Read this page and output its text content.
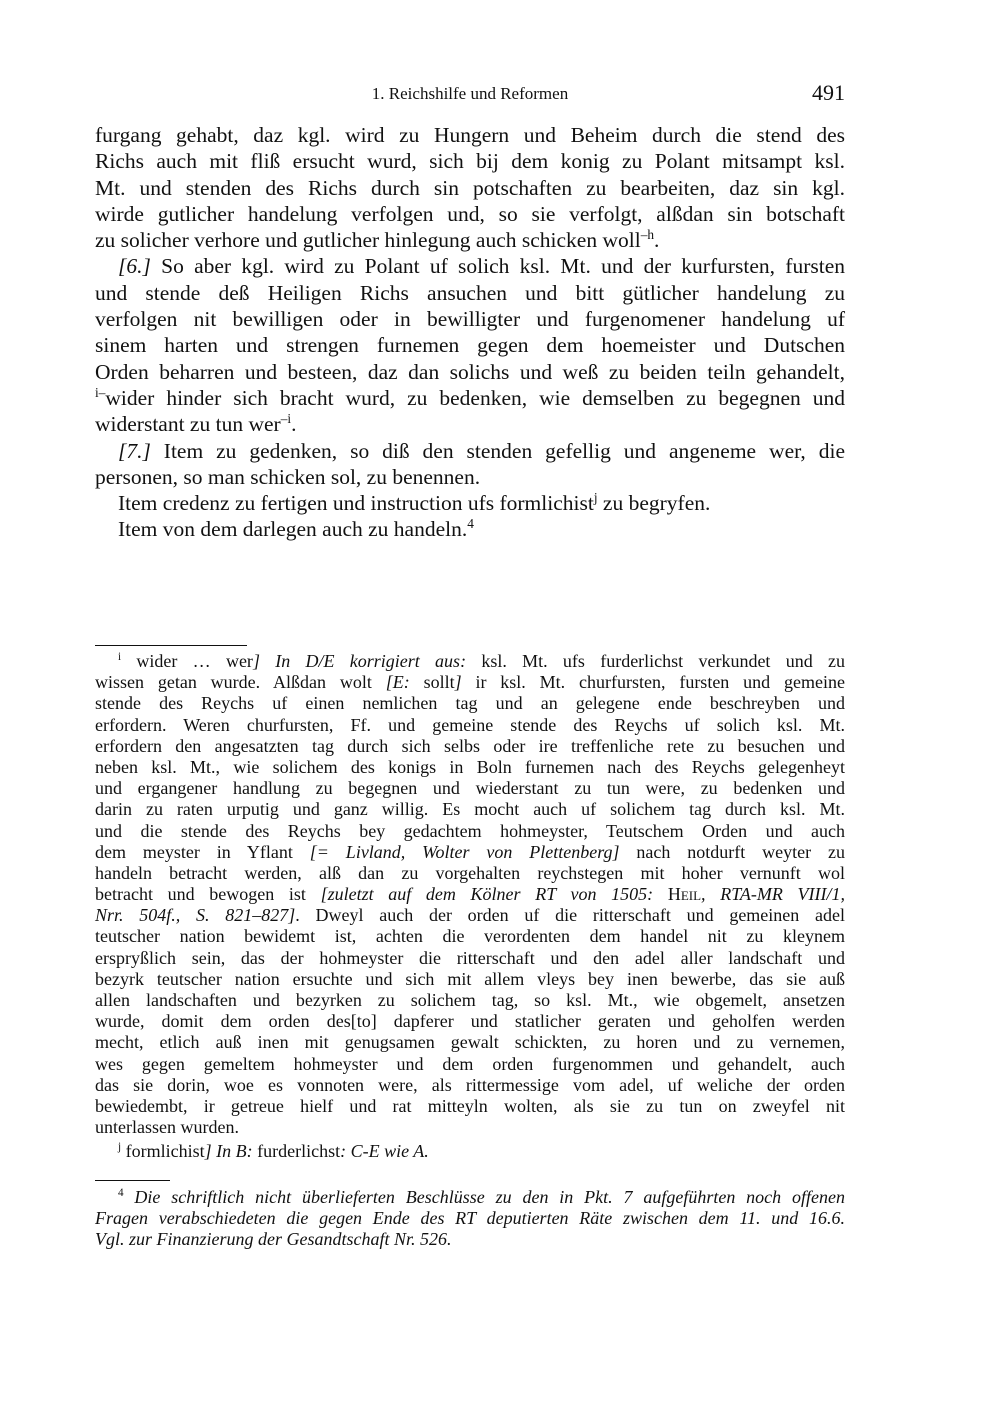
1. Reichshilfe und Reformen	491
furgang gehabt, daz kgl. wird zu Hungern und Beheim durch die stend des
Richs auch mit fliß ersucht wurd, sich bij dem konig zu Polant mitsampt ksl.
Mt. und stenden des Richs durch sin potschaften zu bearbeiten, daz sin kgl.
wirde gutlicher handelung verfolgen und, so sie verfolgt, alßdan sin botschaft
zu solicher verhore und gutlicher hinlegung auch schicken woll$^{-h}$.
[6.] So aber kgl. wird zu Polant uf solich ksl. Mt. und der kurfursten, fursten
und stende deß Heiligen Richs ansuchen und bitt gütlicher handelung zu
verfolgen nit bewilligen oder in bewilligter und furgenomener handelung uf
sinem harten und strengen furnemen gegen dem hoemeister und Dutschen
Orden beharren und besteen, daz dan solichs und weß zu beiden teiln gehandelt,
$^{i-}$wider hinder sich bracht wurd, zu bedenken, wie demselben zu begegnen und
widerstant zu tun wer$^{-i}$.
[7.] Item zu gedenken, so diß den stenden gefellig und angeneme wer, die
personen, so man schicken sol, zu benennen.
Item credenz zu fertigen und instruction ufs formlichist$^j$ zu begryfen.
Item von dem darlegen auch zu handeln.$^4$
$^i$ wider … wer] In D/E korrigiert aus: ksl. Mt. ufs furderlichst verkundet und zu
wissen getan wurde. Alßdan wolt [E: sollt] ir ksl. Mt. churfursten, fursten und gemeine
stende des Reychs uf einen nemlichen tag und an gelegene ende beschreyben und
erfordern. Weren churfursten, Ff. und gemeine stende des Reychs uf solich ksl. Mt.
erfordern den angesatzten tag durch sich selbs oder ire treffenliche rete zu besuchen und
neben ksl. Mt., wie solichem des konigs in Boln furnemen nach des Reychs gelegenheyt
und ergangener handlung zu begegnen und wiederstant zu tun were, zu bedenken und
darin zu raten urputig und ganz willig. Es mocht auch uf solichem tag durch ksl. Mt.
und die stende des Reychs bey gedachtem hohmeyster, Teutschem Orden und auch
dem meyster in Yflant [= Livland, Wolter von Plettenberg] nach notdurft weyter zu
handeln betracht werden, alß dan zu vorgehalten reychstegen mit hoher vernunft wol
betracht und bewogen ist [zuletzt auf dem Kölner RT von 1505: Heil, RTA-MR VIII/1,
Nrr. 504f., S. 821–827]. Dweyl auch der orden uf die ritterschaft und gemeinen adel
teutscher nation bewidemt ist, achten die verordenten dem handel nit zu kleynem
erspryßlich sein, das der hohmeyster die ritterschaft und den adel aller landschaft und
bezyrk teutscher nation ersuchte und sich mit allem vleys bey inen bewerbe, das sie auß
allen landschaften und bezyrken zu solichem tag, so ksl. Mt., wie obgemelt, ansetzen
wurde, domit dem orden des[to] dapferer und statlicher geraten und geholfen werden
mecht, etlich auß inen mit genugsamen gewalt schickten, zu horen und zu vernemen,
wes gegen gemeltem hohmeyster und dem orden furgenommen und gehandelt, auch
das sie dorin, woe es vonnoten were, als rittermessige vom adel, uf weliche der orden
bewiedembt, ir getreue hielf und rat mitteyln wolten, als sie zu tun on zweyfel nit
unterlassen wurden.
$^j$ formlichist] In B: furderlichst: C-E wie A.
$^4$ Die schriftlich nicht überlieferten Beschlüsse zu den in Pkt. 7 aufgeführten noch offenen
Fragen verabschiedeten die gegen Ende des RT deputierten Räte zwischen dem 11. und 16.6.
Vgl. zur Finanzierung der Gesandtschaft Nr. 526.
